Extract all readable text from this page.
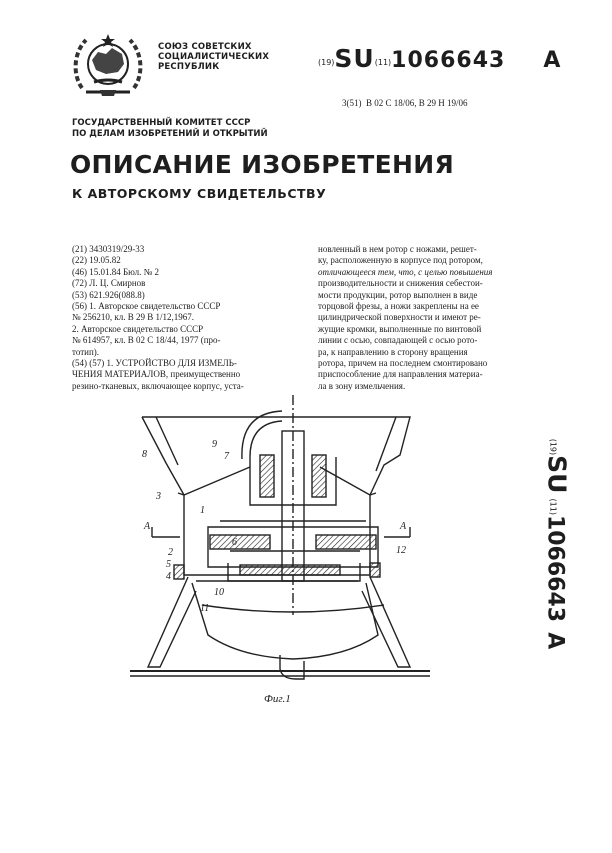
СОЮЗ СОВЕТСКИХ
СОЦИАЛИСТИЧЕСКИХ
РЕСПУБЛИК	(19)SU(11)1066643 A
3(51) В 02 С 18/06, В 29 Н 19/06
ГОСУДАРСТВЕННЫЙ КОМИТЕТ СССР
ПО ДЕЛАМ ИЗОБРЕТЕНИЙ И ОТКРЫТИЙ
ОПИСАНИЕ ИЗОБРЕТЕНИЯ
К АВТОРСКОМУ СВИДЕТЕЛЬСТВУ
(21) 3430319/29-33
(22) 19.05.82
(46) 15.01.84 Бюл. № 2
(72) Л. Ц. Смирнов
(53) 621.926(088.8)
(56) 1. Авторское свидетельство СССР
№ 256210, кл. В 29 В 1/12,1967.
2. Авторское свидетельство СССР
№ 614957, кл. В 02 С 18/44, 1977 (про-
тотип).
(54) (57) 1. УСТРОЙСТВО ДЛЯ ИЗМЕЛЬ-
ЧЕНИЯ МАТЕРИАЛОВ, преимущественно
резино-тканевых, включающее корпус, уста-
новленный в нем ротор с ножами, решет-
ку, расположенную в корпусе под ротором,
отличающееся тем, что, с целью повышения
производительности и снижения себестои-
мости продукции, ротор выполнен в виде
торцовой фрезы, а ножи закреплены на ее
цилиндрической поверхности и имеют ре-
жущие кромки, выполненные по винтовой
линии с осью, совпадающей с осью рото-
ра, к направлению в сторону вращения
ротора, причем на последнем смонтировано
приспособление для направления материа-
ла в зону измельчения.
1
2
3
4
5
6
7
8
9
10
11
12
А	А
Фиг.1
(19)SU (11)1066643  A
